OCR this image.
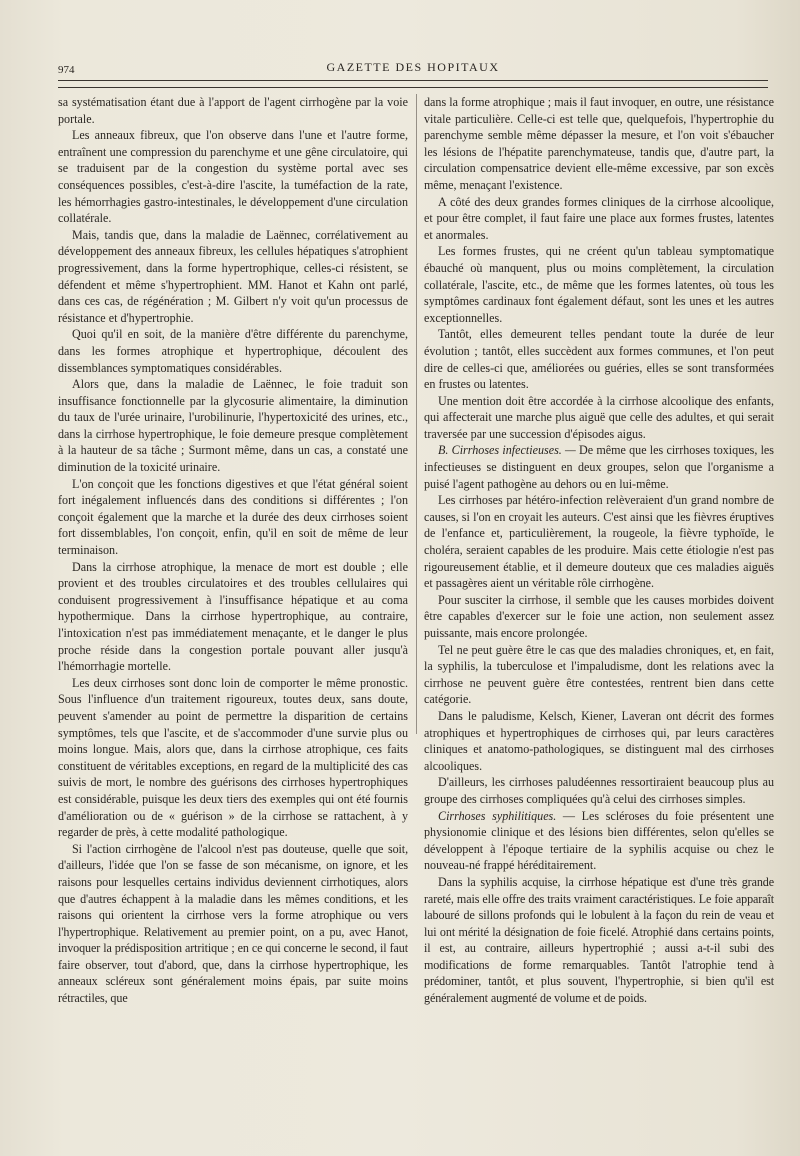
974	GAZETTE DES HOPITAUX

sa systématisation étant due à l'apport de l'agent cirrhogène par la voie portale.

Les anneaux fibreux, que l'on observe dans l'une et l'autre forme, entraînent une compression du parenchyme et une gêne circulatoire, qui se traduisent par de la congestion du système portal avec ses conséquences possibles, c'est-à-dire l'ascite, la tuméfaction de la rate, les hémorrhagies gastro-intestinales, le développement d'une circulation collatérale.

Mais, tandis que, dans la maladie de Laënnec, corrélativement au développement des anneaux fibreux, les cellules hépatiques s'atrophient progressivement, dans la forme hypertrophique, celles-ci résistent, se défendent et même s'hypertrophient. MM. Hanot et Kahn ont parlé, dans ces cas, de régénération ; M. Gilbert n'y voit qu'un processus de résistance et d'hypertrophie.

Quoi qu'il en soit, de la manière d'être différente du parenchyme, dans les formes atrophique et hypertrophique, découlent des dissemblances symptomatiques considérables.

Alors que, dans la maladie de Laënnec, le foie traduit son insuffisance fonctionnelle par la glycosurie alimentaire, la diminution du taux de l'urée urinaire, l'urobilinurie, l'hypertoxicité des urines, etc., dans la cirrhose hypertrophique, le foie demeure presque complètement à la hauteur de sa tâche ; Surmont même, dans un cas, a constaté une diminution de la toxicité urinaire.

L'on conçoit que les fonctions digestives et que l'état général soient fort inégalement influencés dans des conditions si différentes ; l'on conçoit également que la marche et la durée des deux cirrhoses soient fort dissemblables, l'on conçoit, enfin, qu'il en soit de même de leur terminaison.

Dans la cirrhose atrophique, la menace de mort est double ; elle provient et des troubles circulatoires et des troubles cellulaires qui conduisent progressivement à l'insuffisance hépatique et au coma hypothermique. Dans la cirrhose hypertrophique, au contraire, l'intoxication n'est pas immédiatement menaçante, et le danger le plus proche réside dans la congestion portale pouvant aller jusqu'à l'hémorrhagie mortelle.

Les deux cirrhoses sont donc loin de comporter le même pronostic. Sous l'influence d'un traitement rigoureux, toutes deux, sans doute, peuvent s'amender au point de permettre la disparition de certains symptômes, tels que l'ascite, et de s'accommoder d'une survie plus ou moins longue. Mais, alors que, dans la cirrhose atrophique, ces faits constituent de véritables exceptions, en regard de la multiplicité des cas suivis de mort, le nombre des guérisons des cirrhoses hypertrophiques est considérable, puisque les deux tiers des exemples qui ont été fournis d'amélioration ou de « guérison » de la cirrhose se rattachent, à y regarder de près, à cette modalité pathologique.

Si l'action cirrhogène de l'alcool n'est pas douteuse, quelle que soit, d'ailleurs, l'idée que l'on se fasse de son mécanisme, on ignore, et les raisons pour lesquelles certains individus deviennent cirrhotiques, alors que d'autres échappent à la maladie dans les mêmes conditions, et les raisons qui orientent la cirrhose vers la forme atrophique ou vers l'hypertrophique. Relativement au premier point, on a pu, avec Hanot, invoquer la prédisposition artritique ; en ce qui concerne le second, il faut faire observer, tout d'abord, que, dans la cirrhose hypertrophique, les anneaux scléreux sont généralement moins épais, par suite moins rétractiles, que

dans la forme atrophique ; mais il faut invoquer, en outre, une résistance vitale particulière. Celle-ci est telle que, quelquefois, l'hypertrophie du parenchyme semble même dépasser la mesure, et l'on voit s'ébaucher les lésions de l'hépatite parenchymateuse, tandis que, d'autre part, la circulation compensatrice devient elle-même excessive, par son excès même, menaçant l'existence.

A côté des deux grandes formes cliniques de la cirrhose alcoolique, et pour être complet, il faut faire une place aux formes frustes, latentes et anormales.

Les formes frustes, qui ne créent qu'un tableau symptomatique ébauché où manquent, plus ou moins complètement, la circulation collatérale, l'ascite, etc., de même que les formes latentes, où tous les symptômes cardinaux font également défaut, sont les unes et les autres exceptionnelles.

Tantôt, elles demeurent telles pendant toute la durée de leur évolution ; tantôt, elles succèdent aux formes communes, et l'on peut dire de celles-ci que, améliorées ou guéries, elles se sont transformées en frustes ou latentes.

Une mention doit être accordée à la cirrhose alcoolique des enfants, qui affecterait une marche plus aiguë que celle des adultes, et qui serait traversée par une succession d'épisodes aigus.

B. Cirrhoses infectieuses. — De même que les cirrhoses toxiques, les infectieuses se distinguent en deux groupes, selon que l'organisme a puisé l'agent pathogène au dehors ou en lui-même.

Les cirrhoses par hétéro-infection relèveraient d'un grand nombre de causes, si l'on en croyait les auteurs. C'est ainsi que les fièvres éruptives de l'enfance et, particulièrement, la rougeole, la fièvre typhoïde, le choléra, seraient capables de les produire. Mais cette étiologie n'est pas rigoureusement établie, et il demeure douteux que ces maladies aiguës et passagères aient un véritable rôle cirrhogène.

Pour susciter la cirrhose, il semble que les causes morbides doivent être capables d'exercer sur le foie une action, non seulement assez puissante, mais encore prolongée.

Tel ne peut guère être le cas que des maladies chroniques, et, en fait, la syphilis, la tuberculose et l'impaludisme, dont les relations avec la cirrhose ne peuvent guère être contestées, rentrent bien dans cette catégorie.

Dans le paludisme, Kelsch, Kiener, Laveran ont décrit des formes atrophiques et hypertrophiques de cirrhoses qui, par leurs caractères cliniques et anatomo-pathologiques, se distinguent mal des cirrhoses alcooliques.

D'ailleurs, les cirrhoses paludéennes ressortiraient beaucoup plus au groupe des cirrhoses compliquées qu'à celui des cirrhoses simples.

Cirrhoses syphilitiques. — Les scléroses du foie présentent une physionomie clinique et des lésions bien différentes, selon qu'elles se développent à l'époque tertiaire de la syphilis acquise ou chez le nouveau-né frappé héréditairement.

Dans la syphilis acquise, la cirrhose hépatique est d'une très grande rareté, mais elle offre des traits vraiment caractéristiques. Le foie apparaît labouré de sillons profonds qui le lobulent à la façon du rein de veau et lui ont mérité la désignation de foie ficelé. Atrophié dans certains points, il est, au contraire, ailleurs hypertrophié ; aussi a-t-il subi des modifications de forme remarquables. Tantôt l'atrophie tend à prédominer, tantôt, et plus souvent, l'hypertrophie, si bien qu'il est généralement augmenté de volume et de poids.
